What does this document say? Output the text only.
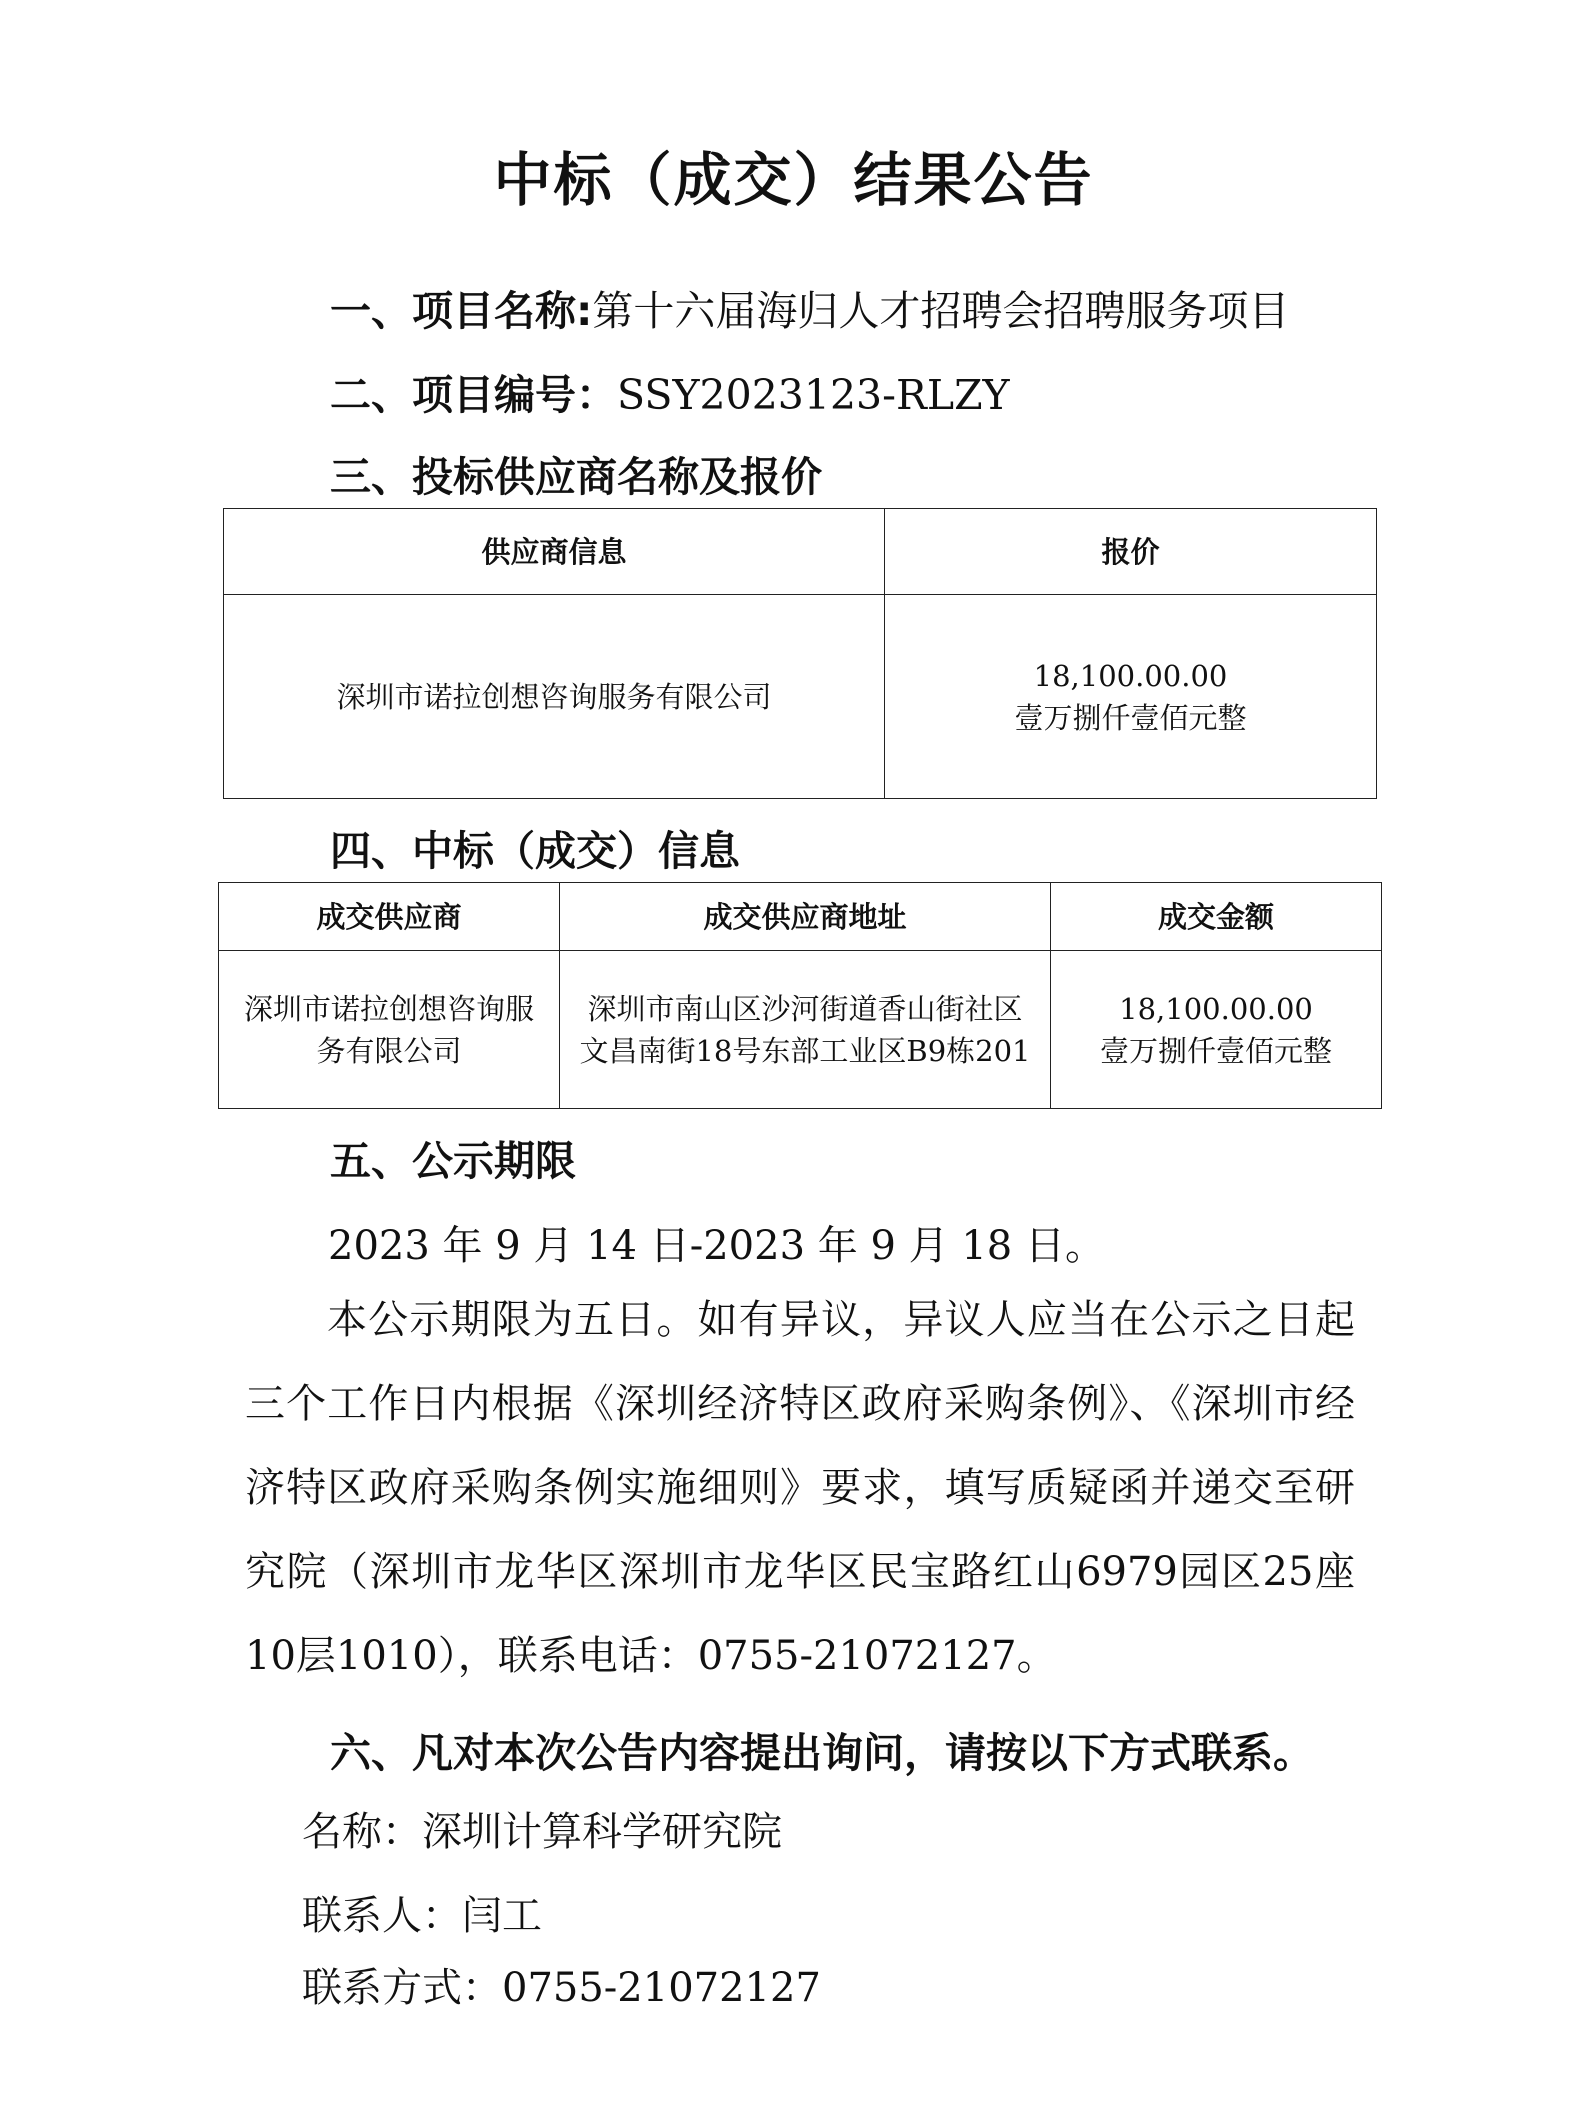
中标（成交）结果公告
一、项目名称:第十六届海归人才招聘会招聘服务项目
二、项目编号：SSY2023123-RLZY
三、投标供应商名称及报价
供应商信息	报价
深圳市诺拉创想咨询服务有限公司	18,100.00.00
壹万捌仟壹佰元整
四、中标（成交）信息
成交供应商	成交供应商地址	成交金额
深圳市诺拉创想咨询服务有限公司	深圳市南山区沙河街道香山街社区文昌南街18号东部工业区B9栋201	18,100.00.00
壹万捌仟壹佰元整
五、公示期限
2023 年 9 月 14 日-2023 年 9 月 18 日。
本公示期限为五日。如有异议，异议人应当在公示之日起三个工作日内根据《深圳经济特区政府采购条例》、《深圳市经济特区政府采购条例实施细则》要求，填写质疑函并递交至研究院（深圳市龙华区深圳市龙华区民宝路红山6979园区25座10层1010），联系电话：0755-21072127。
六、凡对本次公告内容提出询问，请按以下方式联系。
名称：深圳计算科学研究院
联系人：闫工
联系方式：0755-21072127
